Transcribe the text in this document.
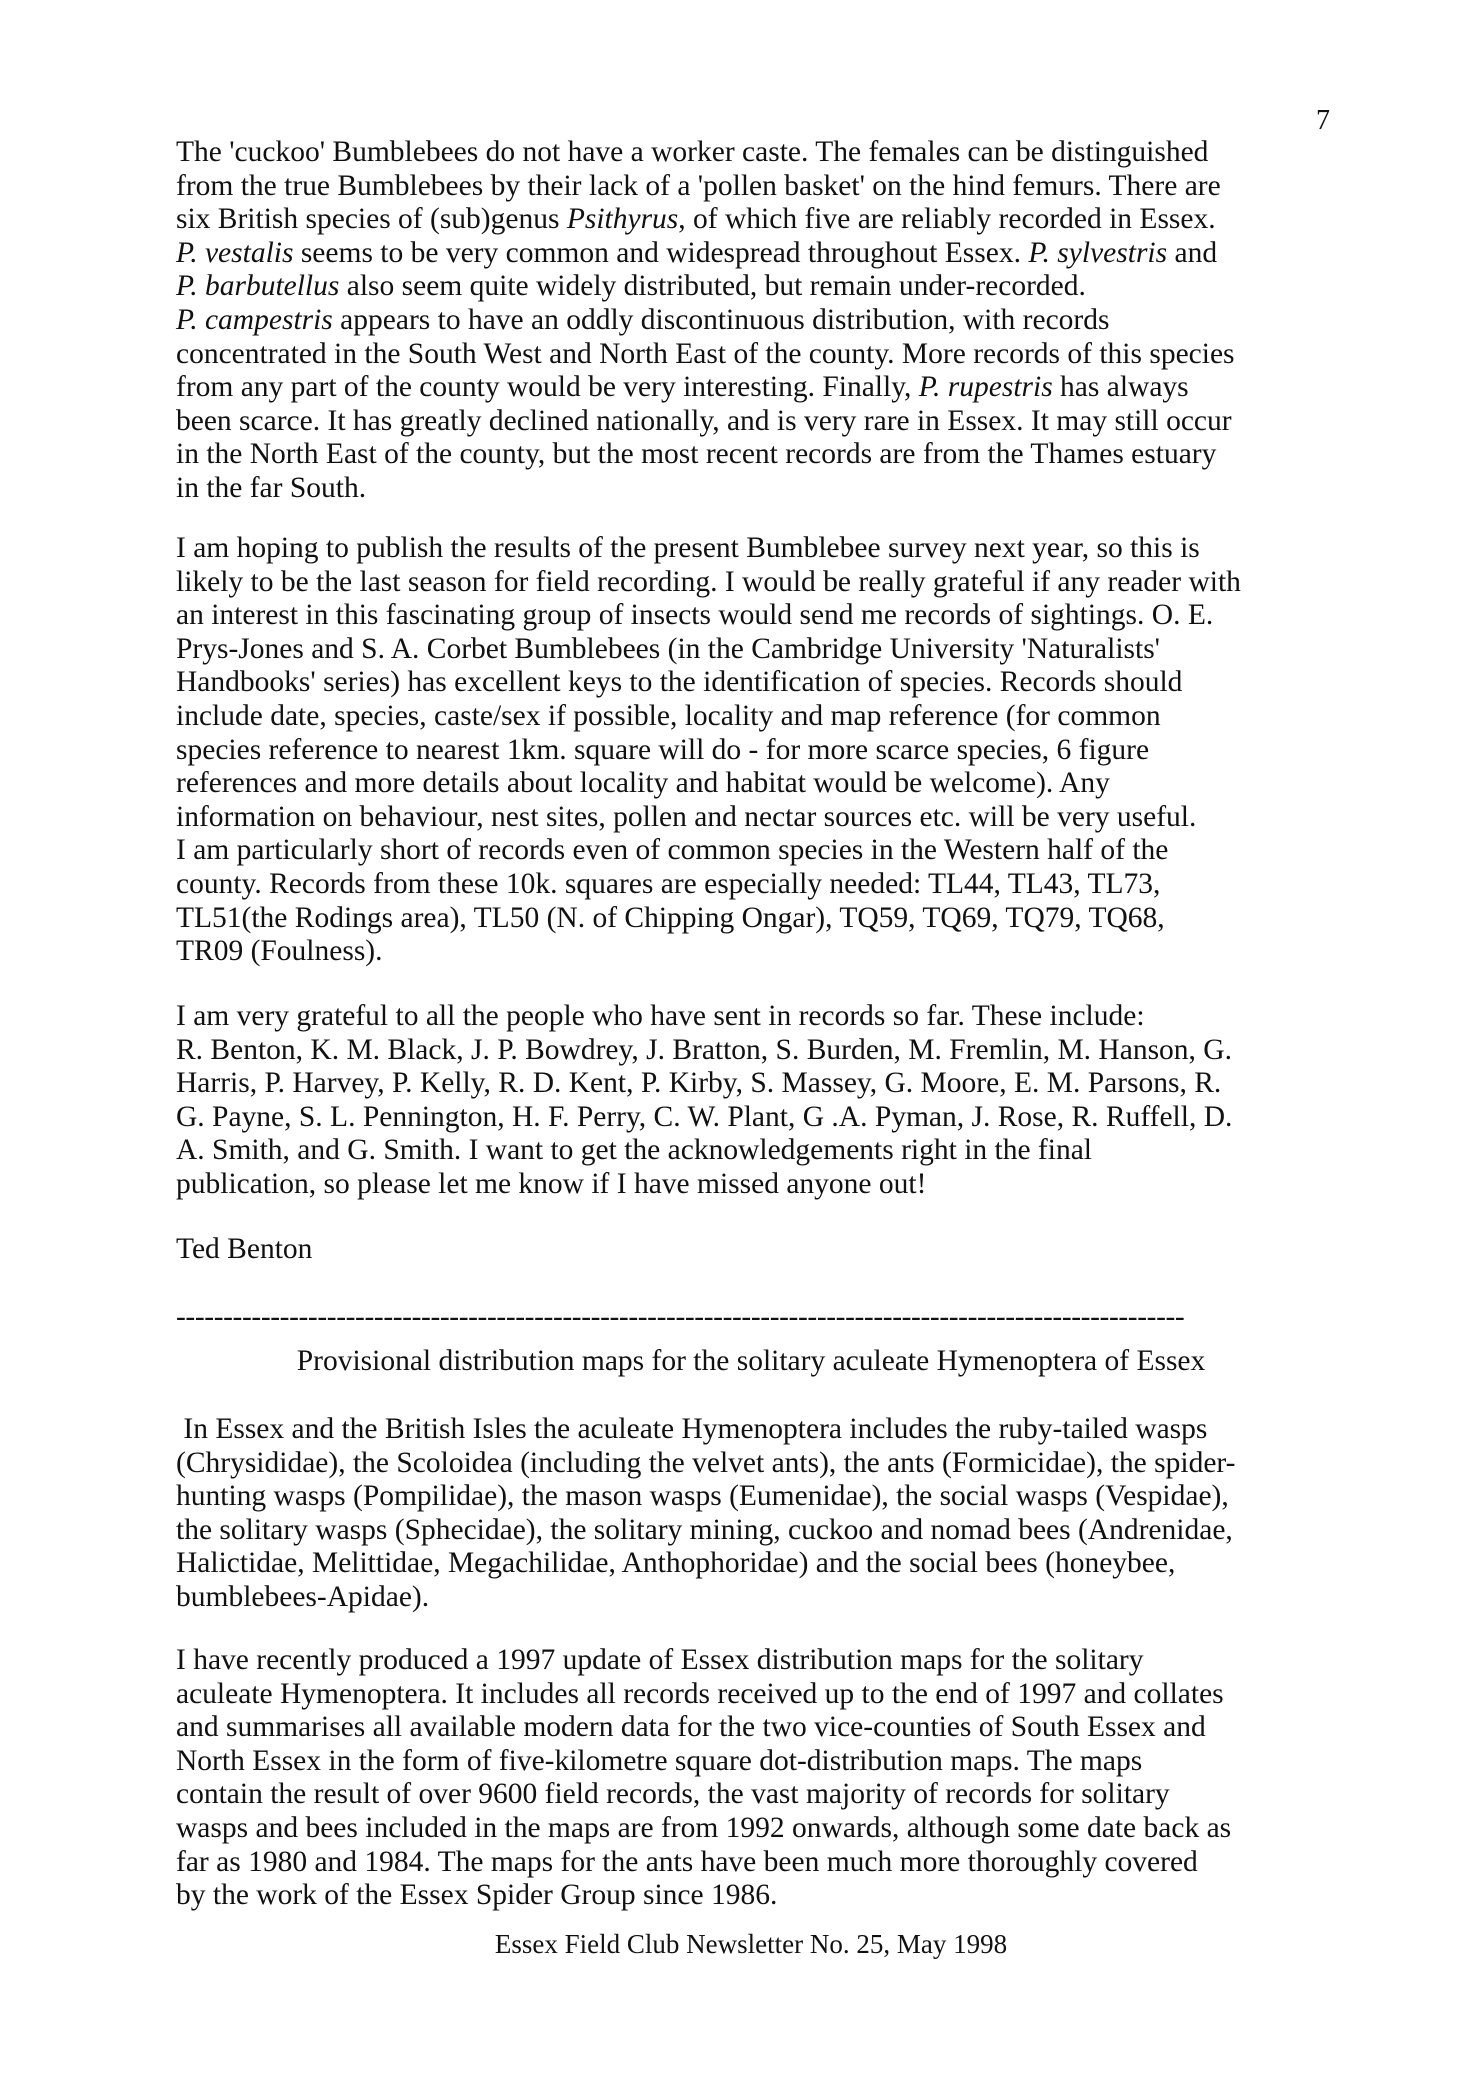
7
The 'cuckoo' Bumblebees do not have a worker caste. The females can be distinguished
from the true Bumblebees by their lack of a 'pollen basket' on the hind femurs. There are
six British species of (sub)genus Psithyrus, of which five are reliably recorded in Essex.
P. vestalis seems to be very common and widespread throughout Essex. P. sylvestris and
P. barbutellus also seem quite widely distributed, but remain under-recorded.
P. campestris appears to have an oddly discontinuous distribution, with records
concentrated in the South West and North East of the county. More records of this species
from any part of the county would be very interesting. Finally, P. rupestris has always
been scarce. It has greatly declined nationally, and is very rare in Essex. It may still occur
in the North East of the county, but the most recent records are from the Thames estuary
in the far South.
I am hoping to publish the results of the present Bumblebee survey next year, so this is
likely to be the last season for field recording. I would be really grateful if any reader with
an interest in this fascinating group of insects would send me records of sightings. O. E.
Prys-Jones and S. A. Corbet Bumblebees (in the Cambridge University 'Naturalists'
Handbooks' series) has excellent keys to the identification of species. Records should
include date, species, caste/sex if possible, locality and map reference (for common
species reference to nearest 1km. square will do - for more scarce species, 6 figure
references and more details about locality and habitat would be welcome). Any
information on behaviour, nest sites, pollen and nectar sources etc. will be very useful.
I am particularly short of records even of common species in the Western half of the
county. Records from these 10k. squares are especially needed: TL44, TL43, TL73,
TL51(the Rodings area), TL50 (N. of Chipping Ongar), TQ59, TQ69, TQ79, TQ68,
TR09 (Foulness).
I am very grateful to all the people who have sent in records so far. These include:
R. Benton, K. M. Black, J. P. Bowdrey, J. Bratton, S. Burden, M. Fremlin, M. Hanson, G.
Harris, P. Harvey, P. Kelly, R. D. Kent, P. Kirby, S. Massey, G. Moore, E. M. Parsons, R.
G. Payne, S. L. Pennington, H. F. Perry, C. W. Plant, G .A. Pyman, J. Rose, R. Ruffell, D.
A. Smith, and G. Smith. I want to get the acknowledgements right in the final
publication, so please let me know if I have missed anyone out!
Ted Benton
-----------------------------------------------------------------------------------------------------------
Provisional distribution maps for the solitary aculeate Hymenoptera of Essex
In Essex and the British Isles the aculeate Hymenoptera includes the ruby-tailed wasps
(Chrysididae), the Scoloidea (including the velvet ants), the ants (Formicidae), the spider-
hunting wasps (Pompilidae), the mason wasps (Eumenidae), the social wasps (Vespidae),
the solitary wasps (Sphecidae), the solitary mining, cuckoo and nomad bees (Andrenidae,
Halictidae, Melittidae, Megachilidae, Anthophoridae) and the social bees (honeybee,
bumblebees-Apidae).
I have recently produced a 1997 update of Essex distribution maps for the solitary
aculeate Hymenoptera. It includes all records received up to the end of 1997 and collates
and summarises all available modern data for the two vice-counties of South Essex and
North Essex in the form of five-kilometre square dot-distribution maps. The maps
contain the result of over 9600 field records, the vast majority of records for solitary
wasps and bees included in the maps are from 1992 onwards, although some date back as
far as 1980 and 1984. The maps for the ants have been much more thoroughly covered
by the work of the Essex Spider Group since 1986.
Essex Field Club Newsletter No. 25, May 1998
